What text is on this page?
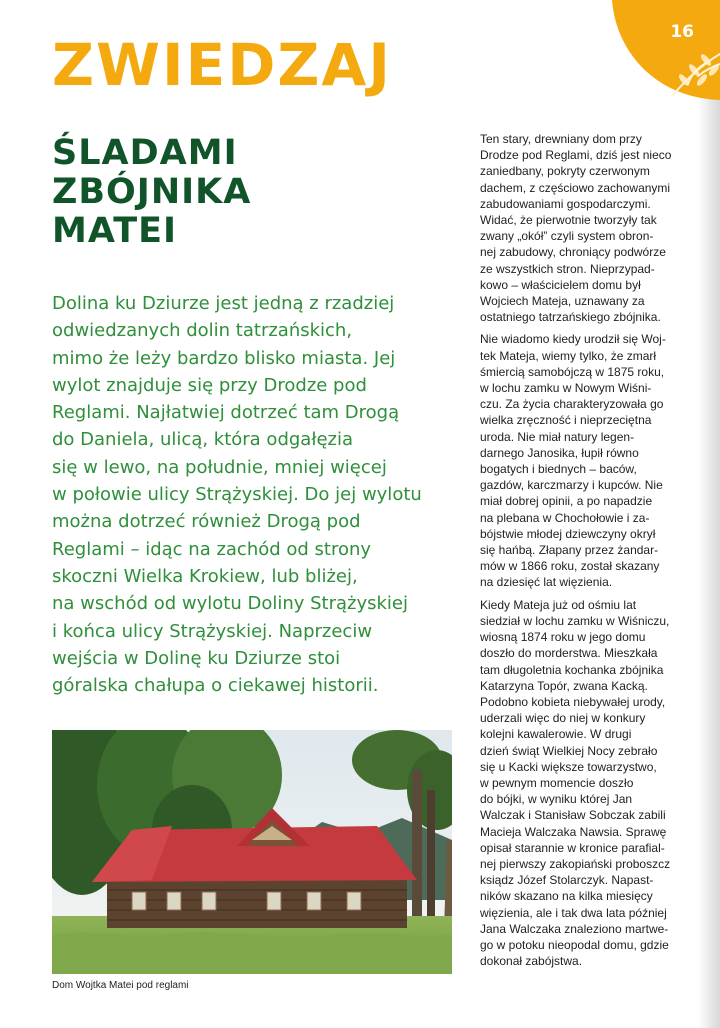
16
ZWIEDZAJ
ŚLADAMI
ZBÓJNIKA
MATEI

Dolina ku Dziurze jest jedną z rzadziej
odwiedzanych dolin tatrzańskich,
mimo że leży bardzo blisko miasta. Jej
wylot znajduje się przy Drodze pod
Reglami. Najłatwiej dotrzeć tam Drogą
do Daniela, ulicą, która odgałęzia
się w lewo, na południe, mniej więcej
w połowie ulicy Strążyskiej. Do jej wylotu
można dotrzeć również Drogą pod
Reglami – idąc na zachód od strony
skoczni Wielka Krokiew, lub bliżej,
na wschód od wylotu Doliny Strążyskiej
i końca ulicy Strążyskiej. Naprzeciw
wejścia w Dolinę ku Dziurze stoi
góralska chałupa o ciekawej historii.

Dom Wojtka Matei pod reglami

Ten stary, drewniany dom przy
Drodze pod Reglami, dziś jest nieco
zaniedbany, pokryty czerwonym
dachem, z częściowo zachowanymi
zabudowaniami gospodarczymi.
Widać, że pierwotnie tworzyły tak
zwany „okół” czyli system obron-
nej zabudowy, chroniący podwórze
ze wszystkich stron. Nieprzypad-
kowo – właścicielem domu był
Wojciech Mateja, uznawany za
ostatniego tatrzańskiego zbójnika.

Nie wiadomo kiedy urodził się Woj-
tek Mateja, wiemy tylko, że zmarł
śmiercią samobójczą w 1875 roku,
w lochu zamku w Nowym Wiśni-
czu. Za życia charakteryzowała go
wielka zręczność i nieprzeciętna
uroda. Nie miał natury legen-
darnego Janosika, łupił równo
bogatych i biednych – baców,
gazdów, karczmarzy i kupców. Nie
miał dobrej opinii, a po napadzie
na plebana w Chochołowie i za-
bójstwie młodej dziewczyny okrył
się hańbą. Złapany przez żandar-
mów w 1866 roku, został skazany
na dziesięć lat więzienia.

Kiedy Mateja już od ośmiu lat
siedział w lochu zamku w Wiśniczu,
wiosną 1874 roku w jego domu
doszło do morderstwa. Mieszkała
tam długoletnia kochanka zbójnika
Katarzyna Topór, zwana Kacką.
Podobno kobieta niebywałej urody,
uderzali więc do niej w konkury
kolejni kawalerowie. W drugi
dzień świąt Wielkiej Nocy zebrało
się u Kacki większe towarzystwo,
w pewnym momencie doszło
do bójki, w wyniku której Jan
Walczak i Stanisław Sobczak zabili
Macieja Walczaka Nawsia. Sprawę
opisał starannie w kronice parafial-
nej pierwszy zakopiański proboszcz
ksiądz Józef Stolarczyk. Napast-
ników skazano na kilka miesięcy
więzienia, ale i tak dwa lata później
Jana Walczaka znaleziono martwe-
go w potoku nieopodal domu, gdzie
dokonał zabójstwa.
